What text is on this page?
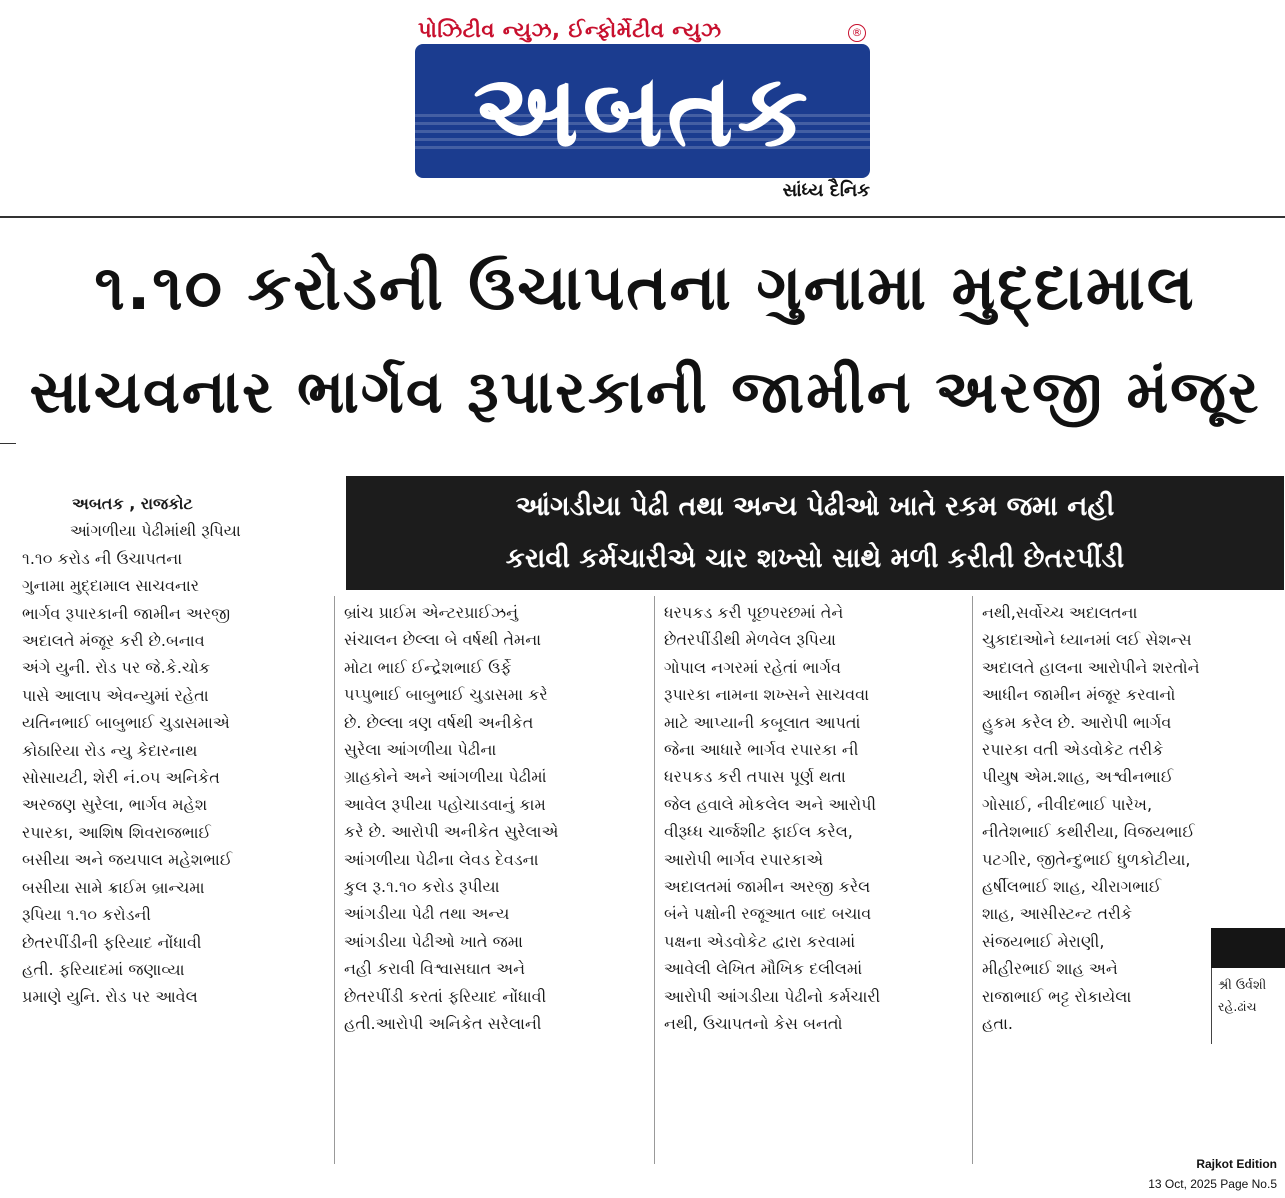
પોઝિટીવ ન્યુઝ, ઈન્ફોર્મેટીવ ન્યુઝ	®
અબતક
સાંધ્ય દૈનિક
૧.૧૦ કરોડની ઉચાપતના ગુનામા મુદ્દામાલ
સાચવનાર ભાર્ગવ રૂપારકાની જામીન અરજી મંજૂર
આંગડીયા પેઢી તથા અન્ય પેઢીઓ ખાતે રકમ જમા નહી
કરાવી કર્મચારીએ ચાર શખ્સો સાથે મળી કરીતી છેતરપીંડી
અબતક , રાજકોટ
આંગળીયા પેઢીમાંથી રૂપિયા
૧.૧૦ કરોડ ની ઉચાપતના
ગુનામા મુદ્દામાલ સાચવનાર
ભાર્ગવ રૂપારકાની જામીન અરજી
અદાલતે મંજૂર કરી છે.બનાવ
અંગે યુની. રોડ પર જે.કે.ચોક
પાસે આલાપ એવન્યુમાં રહેતા
યતિનભાઈ બાબુભાઈ ચુડાસમાએ
કોઠારિયા રોડ ન્યુ કેદારનાથ
સોસાયટી, શેરી નં.૦૫ અનિકેત
અરજણ સુરેલા, ભાર્ગવ મહેશ
રપારકા, આશિષ શિવરાજભાઈ
બસીયા અને જયપાલ મહેશભાઈ
બસીયા સામે ક્રાઈમ બ્રાન્ચમા
રૂપિયા ૧.૧૦ કરોડની
છેતરપીંડીની ફરિયાદ નોંધાવી
હતી. ફરિયાદમાં જણાવ્યા
પ્રમાણે યુનિ. રોડ પર આવેલ
બ્રાંચ પ્રાઈમ એન્ટરપ્રાઈઝનું
સંચાલન છેલ્લા બે વર્ષથી તેમના
મોટા ભાઈ ઈન્દ્રેશભાઈ ઉર્ફે
પપ્પુભાઈ બાબુભાઈ ચુડાસમા કરે
છે. છેલ્લા ત્રણ વર્ષથી અનીકેત
સુરેલા આંગળીયા પેઢીના
ગ્રાહકોને અને આંગળીયા પેઢીમાં
આવેલ રૂપીયા પહોચાડવાનું કામ
કરે છે. આરોપી અનીકેત સુરેલાએ
આંગળીયા પેઢીના લેવડ દેવડના
કુલ રૂ.૧.૧૦ કરોડ રૂપીયા
આંગડીયા પેઢી તથા અન્ય
આંગડીયા પેઢીઓ ખાતે જમા
નહી કરાવી વિશ્વાસઘાત અને
છેતરપીંડી કરતાં ફરિયાદ નોંધાવી
હતી.આરોપી અનિકેત સરેલાની
ધરપકડ કરી પૂછપરછમાં તેને
છેતરપીંડીથી મેળવેલ રૂપિયા
ગોપાલ નગરમાં રહેતાં ભાર્ગવ
રૂપારકા નામના શખ્સને સાચવવા
માટે આપ્યાની કબૂલાત આપતાં
જેના આધારે ભાર્ગવ રપારકા ની
ધરપકડ કરી તપાસ પૂર્ણ થતા
જેલ હવાલે મોકલેલ અને આરોપી
વીરૂધ્ધ ચાર્જશીટ ફાઈલ કરેલ,
આરોપી ભાર્ગવ રપારકાએ
અદાલતમાં જામીન અરજી કરેલ
બંને પક્ષોની રજૂઆત બાદ બચાવ
પક્ષના એડવોકેટ દ્વારા કરવામાં
આવેલી લેખિત મૌખિક દલીલમાં
આરોપી આંગડીયા પેઢીનો કર્મચારી
નથી, ઉચાપતનો કેસ બનતો
નથી,સર્વોચ્ચ અદાલતના
ચુકાદાઓને ધ્યાનમાં લઈ સેશન્સ
અદાલતે હાલના આરોપીને શરતોને
આધીન જામીન મંજૂર કરવાનો
હુકમ કરેલ છે. આરોપી ભાર્ગવ
રપારકા વતી એડવોકેટ તરીકે
પીયુષ એમ.શાહ, અશ્વીનભાઈ
ગોસાઈ, નીવીદભાઈ પારેખ,
નીતેશભાઈ કથીરીયા, વિજયભાઈ
પટગીર, જીતેન્દુભાઈ ધુળકોટીયા,
હર્ષીલભાઈ શાહ, ચીરાગભાઈ
શાહ, આસીસ્ટન્ટ તરીકે
સંજયભાઈ મેરાણી,
મીહીરભાઈ શાહ અને
રાજાભાઈ ભટ્ટ રોકાયેલા
હતા.
શ્રી ઉર્વશી
રહે.ઢાંચ
Rajkot Edition
13 Oct, 2025 Page No.5
